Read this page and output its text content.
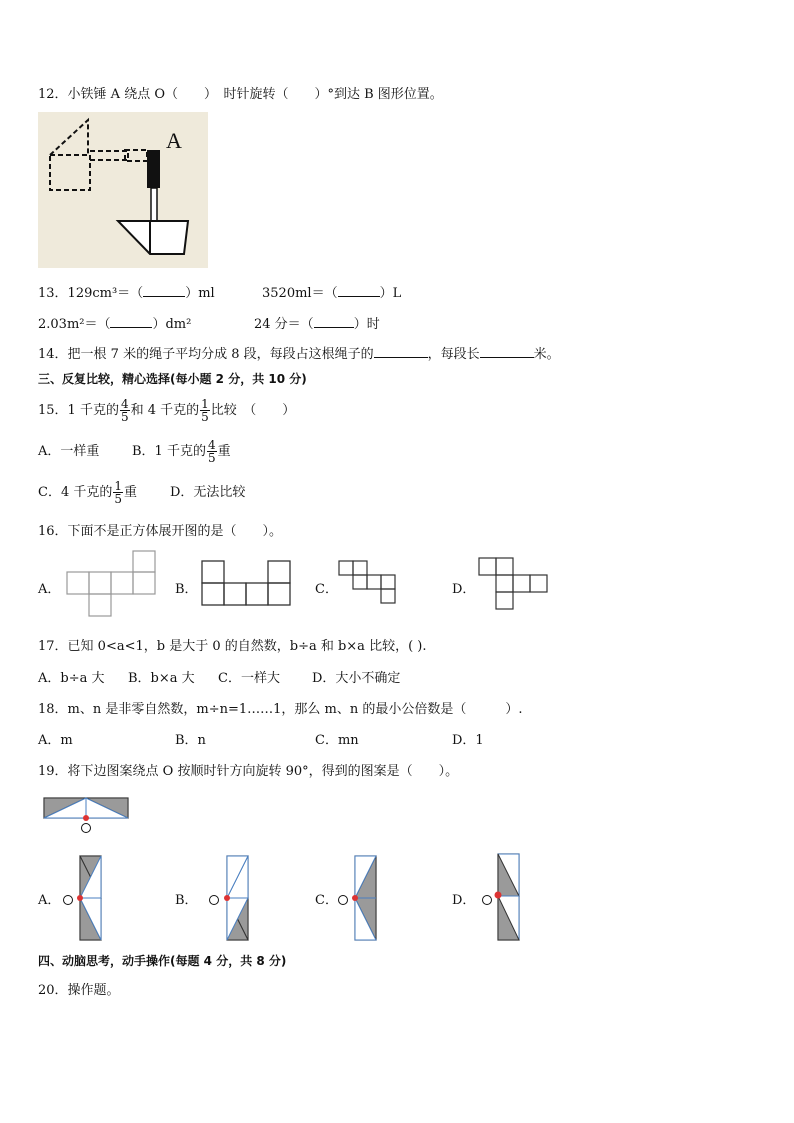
12．小铁锤 A 绕点 O（　　）　时针旋转（　　）°到达 B 图形位置。
A
13．129cm³＝（	）ml	3520ml＝（	）L
2.03m²＝（	）dm²	24 分＝（	）时
14．把一根 7 米的绳子平均分成 8 段，每段占这根绳子的	，每段长	米。
三、反复比较，精心选择(每小题 2 分，共 10 分)
15．1 千克的 $\frac{4}{5}$ 和 4 千克的 $\frac{1}{5}$ 比较　（　　）
A．一样重	B．1 千克的 $\frac{4}{5}$ 重
C．4 千克的 $\frac{1}{5}$ 重	D．无法比较
16．下面不是正方体展开图的是（　　）。
A．	B．	C．	D．
17．已知 0<a<1，b 是大于 0 的自然数，b÷a 和 b×a 比较，( ).
A．b÷a 大 B．b×a 大 C．一样大 D．大小不确定
18．m、n 是非零自然数，m÷n=1……1，那么 m、n 的最小公倍数是（　　　）.
A．m	B．n	C．mn	D．1
19．将下边图案绕点 O 按顺时针方向旋转 90°，得到的图案是（　　）。
A．	B．	C．	D．
四、动脑思考，动手操作(每题 4 分，共 8 分)
20．操作题。
